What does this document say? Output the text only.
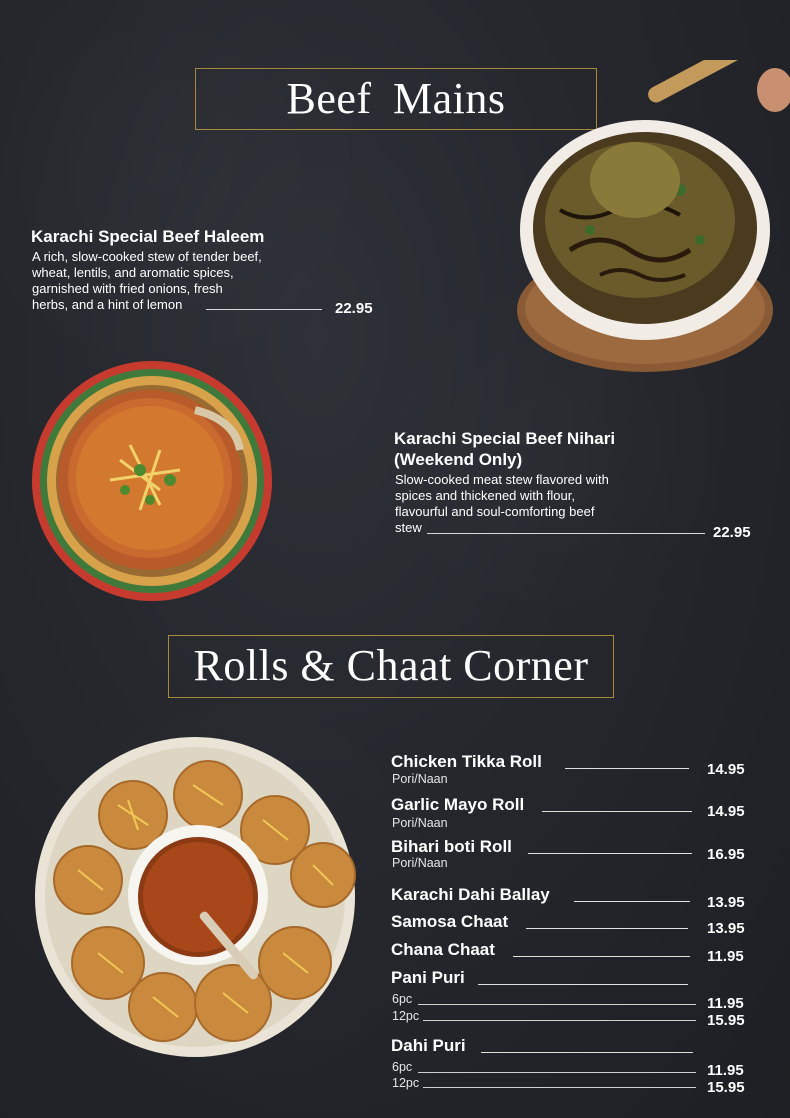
Beef Mains
Karachi Special Beef Haleem
A rich, slow-cooked stew of tender beef,
wheat, lentils, and aromatic spices,
garnished with fried onions, fresh
herbs, and a hint of lemon	22.95
Karachi Special Beef Nihari
(Weekend Only)
Slow-cooked meat stew flavored with
spices and thickened with flour,
flavourful and soul-comforting beef
stew	22.95
Rolls & Chaat Corner
Chicken Tikka Roll
Pori/Naan
14.95
Garlic Mayo Roll
Pori/Naan
14.95
Bihari boti Roll
Pori/Naan	16.95
Karachi Dahi Ballay	13.95
Samosa Chaat	13.95
Chana Chaat	11.95
Pani Puri
6pc	11.95
12pc	15.95
Dahi Puri
6pc	11.95
12pc	15.95
